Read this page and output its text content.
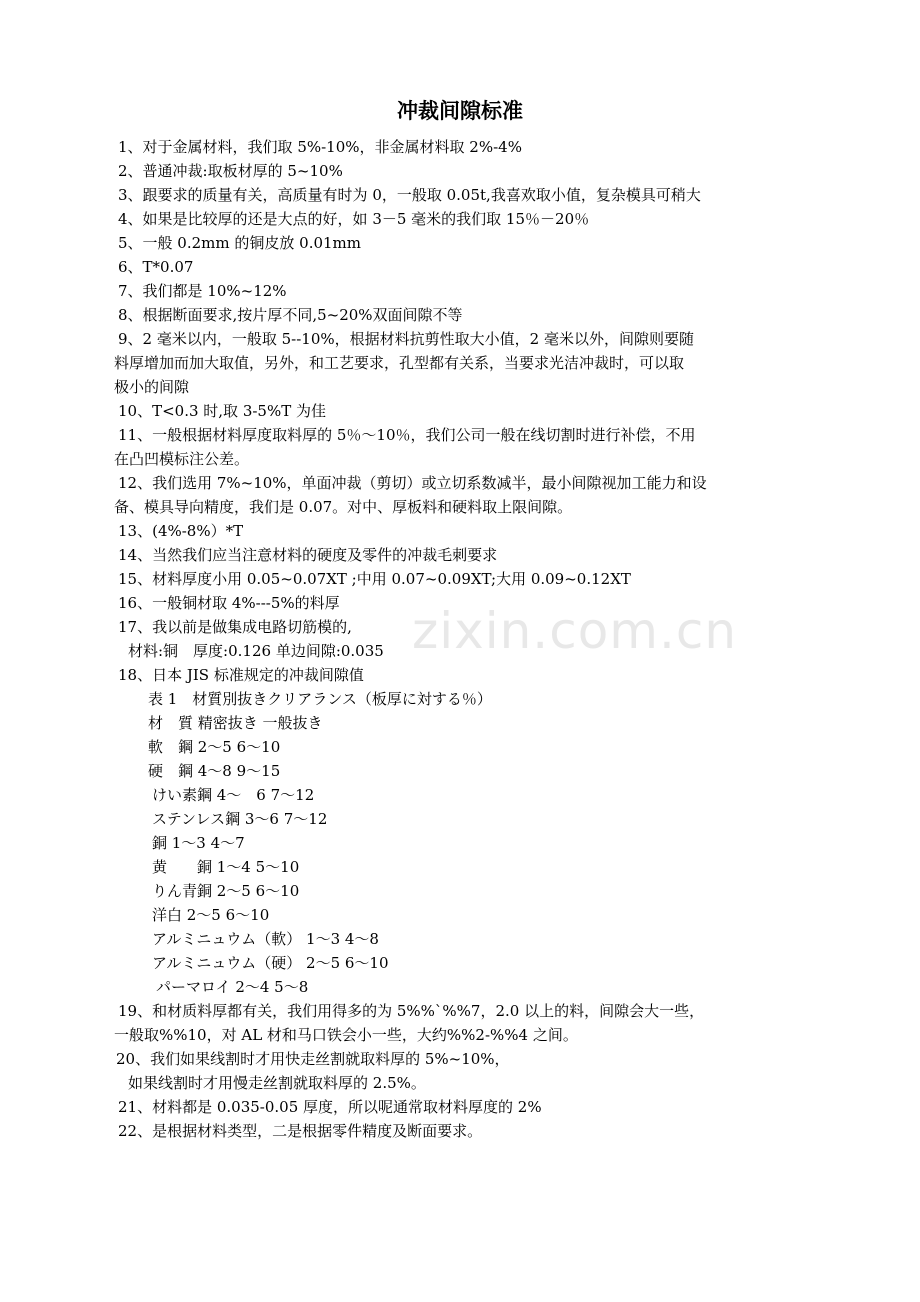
zixin.com.cn
冲裁间隙标准

1、对于金属材料，我们取 5%-10%，非金属材料取 2%-4%

2、普通冲裁:取板材厚的 5~10%

3、跟要求的质量有关，高质量有时为 0，一般取 0.05t,我喜欢取小值，复杂模具可稍大

4、如果是比较厚的还是大点的好，如 3－5 毫米的我们取 15％－20％

5、一般 0.2mm 的铜皮放 0.01mm

6、T*0.07

7、我们都是 10%~12%

8、根据断面要求,按片厚不同,5~20%双面间隙不等

9、2 毫米以内，一般取 5--10%，根据材料抗剪性取大小值，2 毫米以外，间隙则要随

料厚增加而加大取值，另外，和工艺要求，孔型都有关系，当要求光洁冲裁时，可以取

极小的间隙

10、T<0.3 时,取 3-5%T 为佳

11、一般根据材料厚度取料厚的 5％～10％，我们公司一般在线切割时进行补偿，不用

在凸凹模标注公差。

12、我们选用 7%~10%，单面冲裁（剪切）或立切系数减半，最小间隙视加工能力和设

备、模具导向精度，我们是 0.07。对中、厚板料和硬料取上限间隙。

13、(4%-8%）*T

14、当然我们应当注意材料的硬度及零件的冲裁毛刺要求

15、材料厚度小用 0.05~0.07XT ;中用 0.07~0.09XT;大用 0.09~0.12XT

16、一般铜材取 4%---5%的料厚

17、我以前是做集成电路切筋模的,

材料:铜　厚度:0.126 单边间隙:0.035

18、日本 JIS 标准规定的冲裁间隙值

表 1　材質別抜きクリアランス（板厚に対する％）

材　質 精密抜き 一般抜き

軟　鋼 2～5 6～10

硬　鋼 4～8 9～15

けい素鋼 4～　6 7～12

ステンレス鋼 3～6 7～12

銅 1～3 4～7

黄　　銅 1～4 5～10

りん青銅 2～5 6～10

洋白 2～5 6～10

アルミニュウム（軟） 1～3 4～8

アルミニュウム（硬） 2～5 6～10

パーマロイ 2～4 5～8

19、和材质料厚都有关，我们用得多的为 5%%`%%7，2.0 以上的料，间隙会大一些，

一般取%%10，对 AL 材和马口铁会小一些，大约%%2-%%4 之间。

20、我们如果线割时才用快走丝割就取料厚的 5%~10%，

如果线割时才用慢走丝割就取料厚的 2.5%。

21、材料都是 0.035-0.05 厚度，所以呢通常取材料厚度的 2%

22、是根据材料类型，二是根据零件精度及断面要求。
